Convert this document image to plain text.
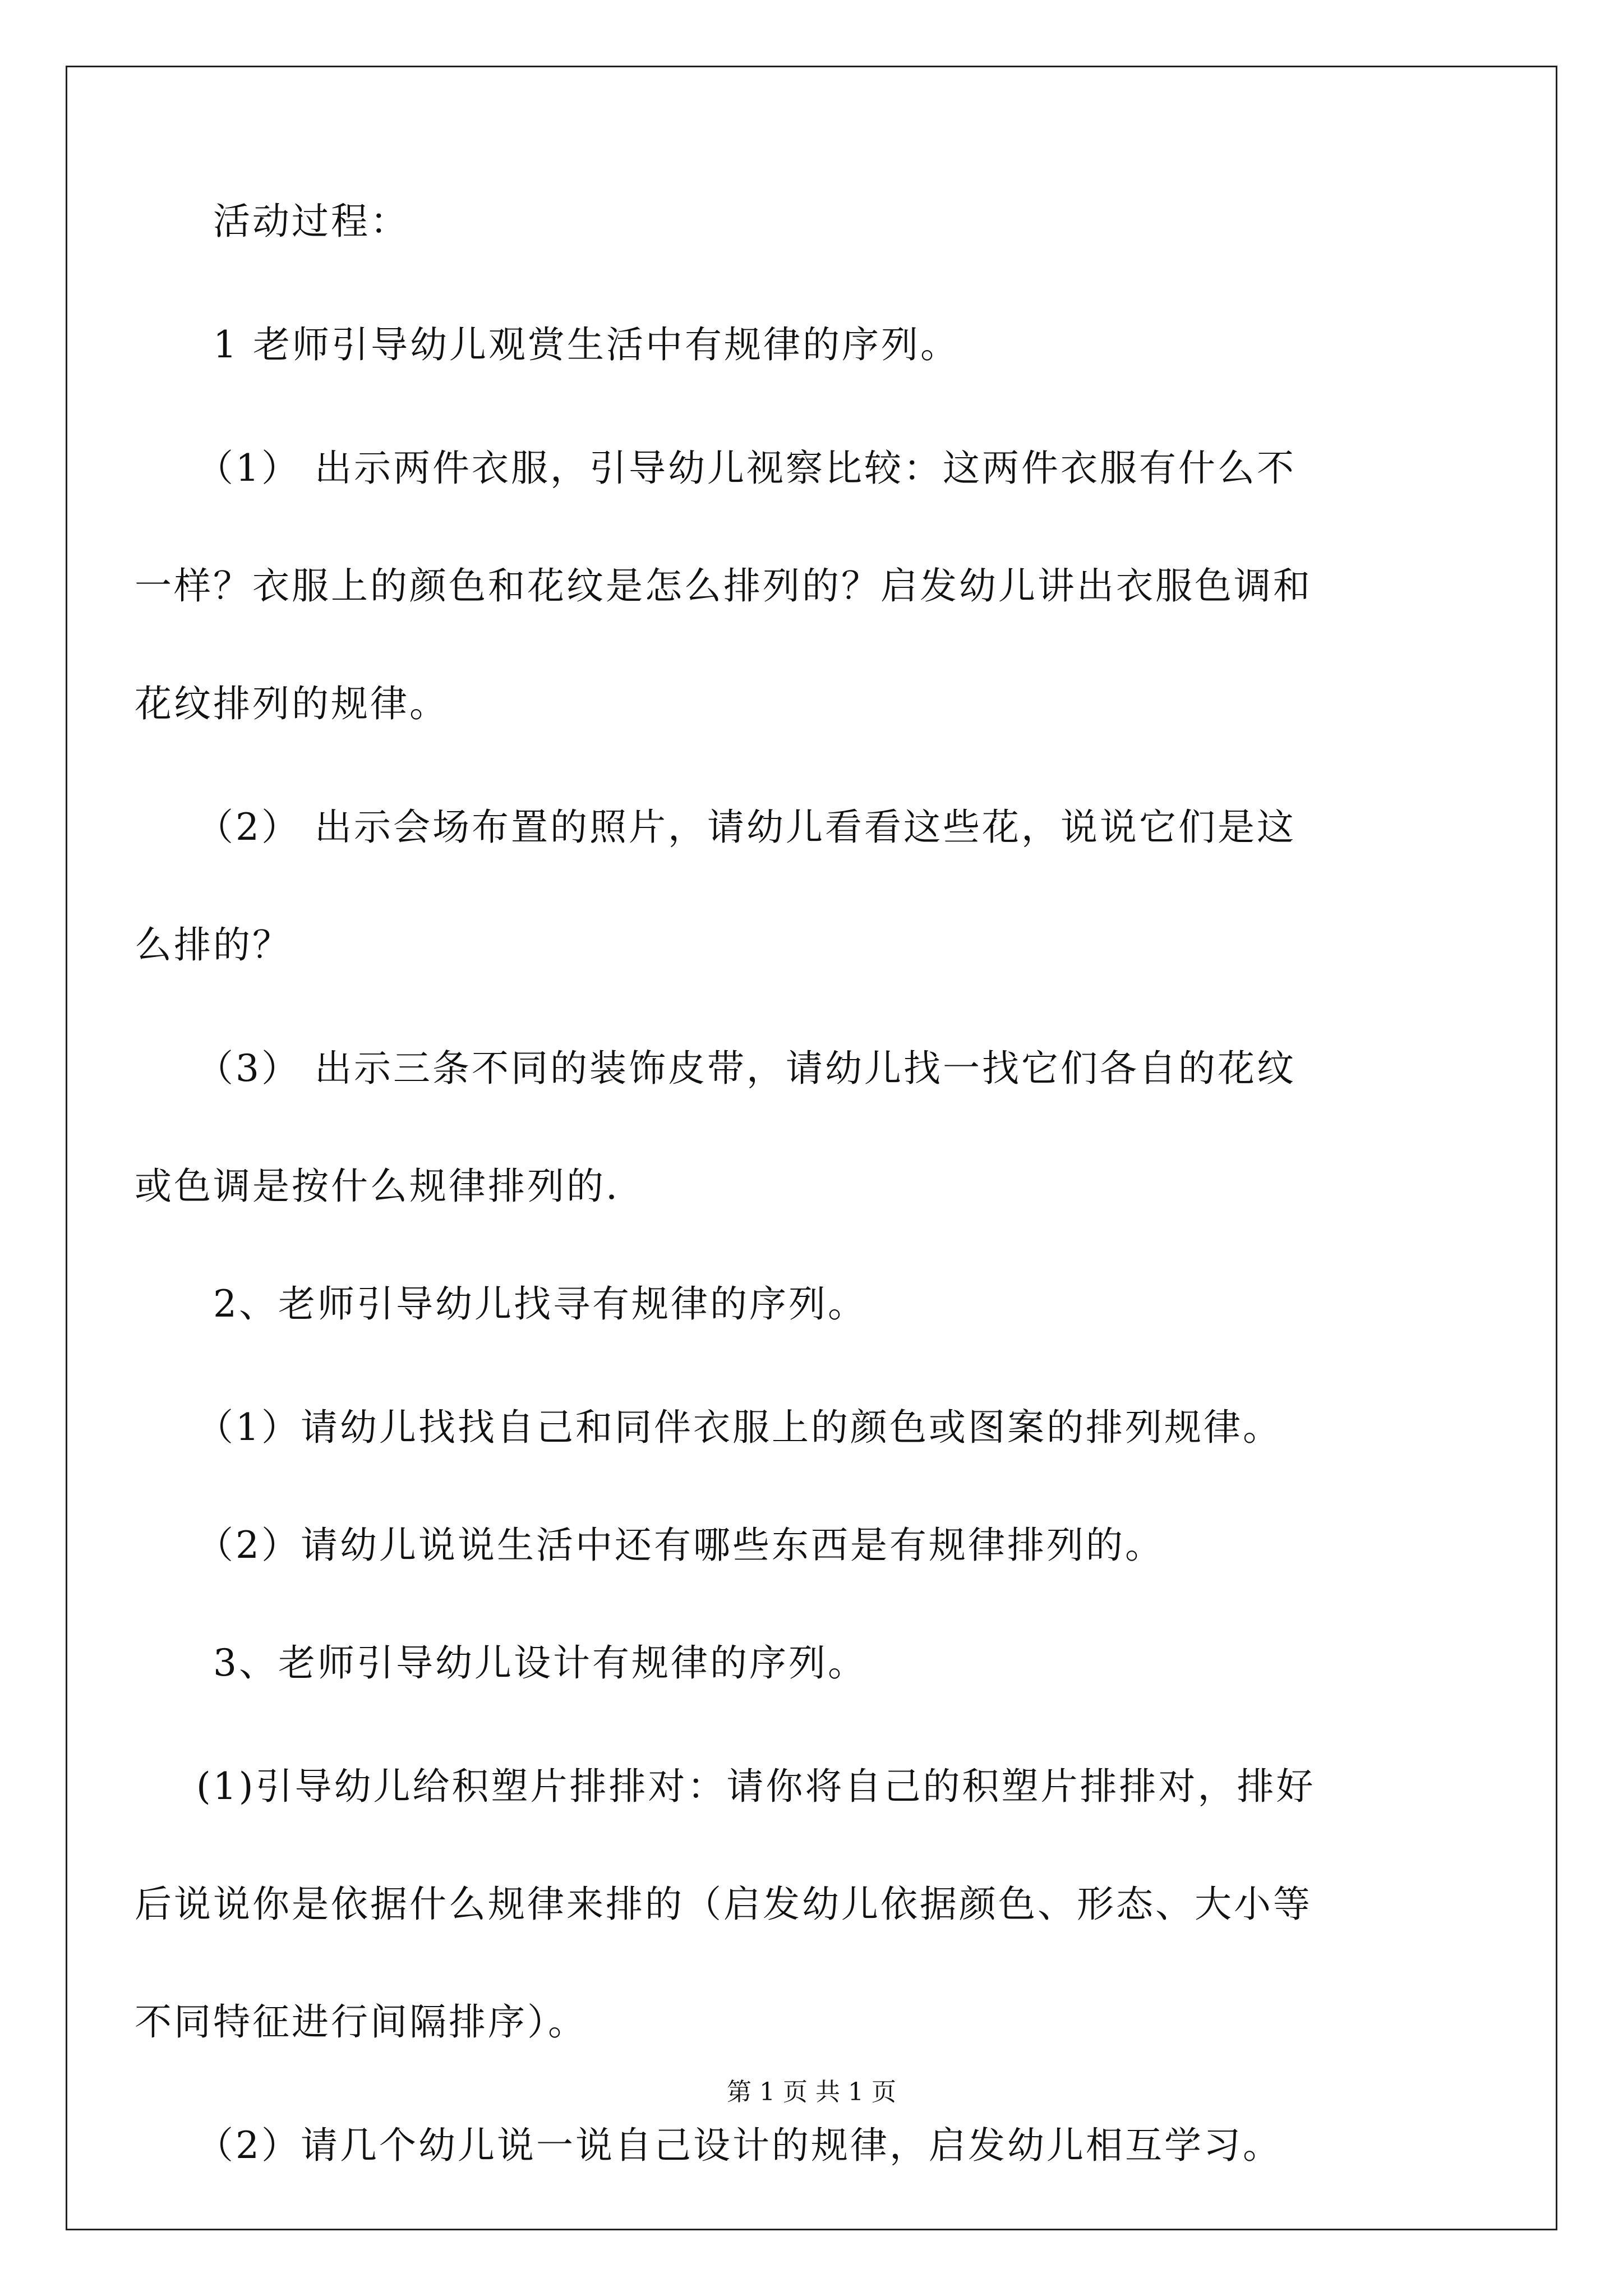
活动过程：
1 老师引导幼儿观赏生活中有规律的序列。
（1） 出示两件衣服，引导幼儿视察比较：这两件衣服有什么不
一样？衣服上的颜色和花纹是怎么排列的？启发幼儿讲出衣服色调和
花纹排列的规律。
（2） 出示会场布置的照片，请幼儿看看这些花，说说它们是这
么排的？
（3） 出示三条不同的装饰皮带，请幼儿找一找它们各自的花纹
或色调是按什么规律排列的.
2、老师引导幼儿找寻有规律的序列。
（1）请幼儿找找自己和同伴衣服上的颜色或图案的排列规律。
（2）请幼儿说说生活中还有哪些东西是有规律排列的。
3、老师引导幼儿设计有规律的序列。
(1)引导幼儿给积塑片排排对：请你将自己的积塑片排排对，排好
后说说你是依据什么规律来排的（启发幼儿依据颜色、形态、大小等
不同特征进行间隔排序）。
（2）请几个幼儿说一说自己设计的规律，启发幼儿相互学习。
第 1 页 共 1 页
